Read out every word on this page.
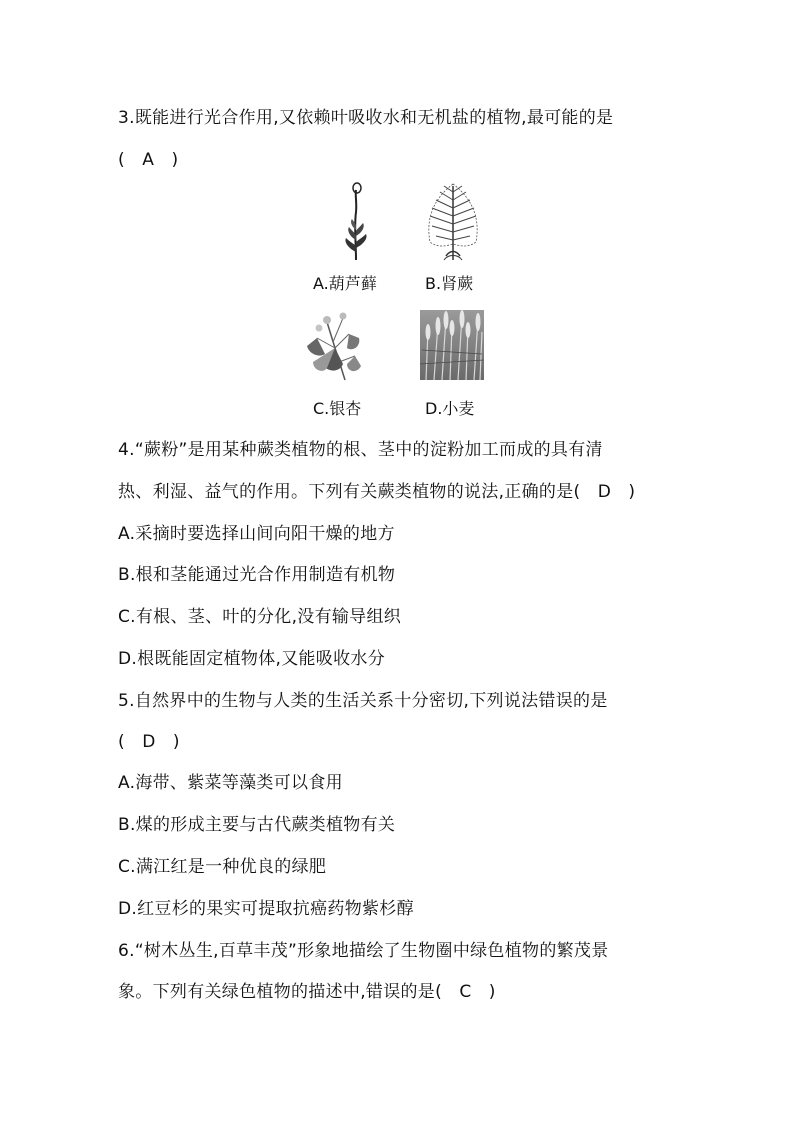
3.既能进行光合作用,又依赖叶吸收水和无机盐的植物,最可能的是
(　A　)
A.葫芦藓	B.肾蕨
C.银杏	D.小麦
4.“蕨粉”是用某种蕨类植物的根、茎中的淀粉加工而成的具有清
热、利湿、益气的作用。下列有关蕨类植物的说法,正确的是(　D　)
A.采摘时要选择山间向阳干燥的地方
B.根和茎能通过光合作用制造有机物
C.有根、茎、叶的分化,没有输导组织
D.根既能固定植物体,又能吸收水分
5.自然界中的生物与人类的生活关系十分密切,下列说法错误的是
(　D　)
A.海带、紫菜等藻类可以食用
B.煤的形成主要与古代蕨类植物有关
C.满江红是一种优良的绿肥
D.红豆杉的果实可提取抗癌药物紫杉醇
6.“树木丛生,百草丰茂”形象地描绘了生物圈中绿色植物的繁茂景
象。下列有关绿色植物的描述中,错误的是(　C　)
